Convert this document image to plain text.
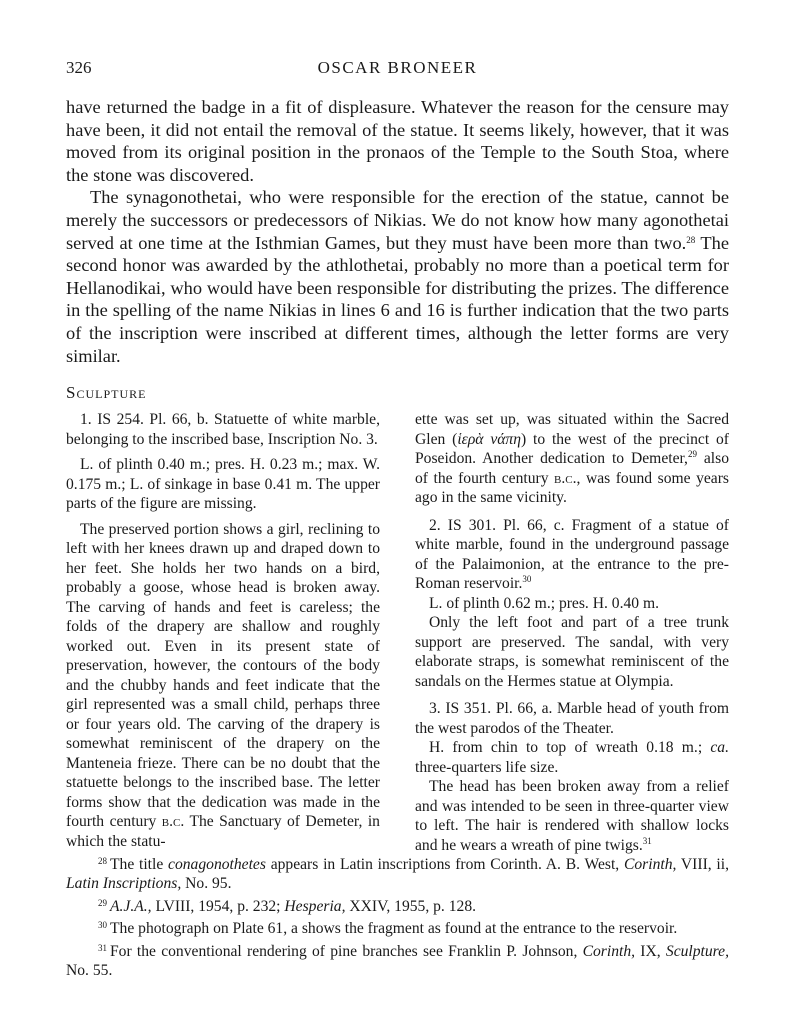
326	OSCAR BRONEER

have returned the badge in a fit of displeasure. Whatever the reason for the censure may have been, it did not entail the removal of the statue. It seems likely, however, that it was moved from its original position in the pronaos of the Temple to the South Stoa, where the stone was discovered.

The synagonothetai, who were responsible for the erection of the statue, cannot be merely the successors or predecessors of Nikias. We do not know how many agonothetai served at one time at the Isthmian Games, but they must have been more than two.$^{28}$ The second honor was awarded by the athlothetai, probably no more than a poetical term for Hellanodikai, who would have been responsible for distributing the prizes. The difference in the spelling of the name Nikias in lines 6 and 16 is further indication that the two parts of the inscription were inscribed at different times, although the letter forms are very similar.

Sculpture

1. IS 254. Pl. 66, b. Statuette of white marble, belonging to the inscribed base, Inscription No. 3.

L. of plinth 0.40 m.; pres. H. 0.23 m.; max. W. 0.175 m.; L. of sinkage in base 0.41 m. The upper parts of the figure are missing.

The preserved portion shows a girl, reclining to left with her knees drawn up and draped down to her feet. She holds her two hands on a bird, probably a goose, whose head is broken away. The carving of hands and feet is careless; the folds of the drapery are shallow and roughly worked out. Even in its present state of preservation, however, the contours of the body and the chubby hands and feet indicate that the girl represented was a small child, perhaps three or four years old. The carving of the drapery is somewhat reminiscent of the drapery on the Manteneia frieze. There can be no doubt that the statuette belongs to the inscribed base. The letter forms show that the dedication was made in the fourth century b.c. The Sanctuary of Demeter, in which the statu-

ette was set up, was situated within the Sacred Glen (ἱερὰ νάπη) to the west of the precinct of Poseidon. Another dedication to Demeter,$^{29}$ also of the fourth century b.c., was found some years ago in the same vicinity.

2. IS 301. Pl. 66, c. Fragment of a statue of white marble, found in the underground passage of the Palaimonion, at the entrance to the pre-Roman reservoir.$^{30}$

L. of plinth 0.62 m.; pres. H. 0.40 m.

Only the left foot and part of a tree trunk support are preserved. The sandal, with very elaborate straps, is somewhat reminiscent of the sandals on the Hermes statue at Olympia.

3. IS 351. Pl. 66, a. Marble head of youth from the west parodos of the Theater.

H. from chin to top of wreath 0.18 m.; ca. three-quarters life size.

The head has been broken away from a relief and was intended to be seen in three-quarter view to left. The hair is rendered with shallow locks and he wears a wreath of pine twigs.$^{31}$

$^{28}$ The title conagonothetes appears in Latin inscriptions from Corinth. A. B. West, Corinth, VIII, ii, Latin Inscriptions, No. 95.

$^{29}$ A.J.A., LVIII, 1954, p. 232; Hesperia, XXIV, 1955, p. 128.

$^{30}$ The photograph on Plate 61, a shows the fragment as found at the entrance to the reservoir.

$^{31}$ For the conventional rendering of pine branches see Franklin P. Johnson, Corinth, IX, Sculpture, No. 55.
